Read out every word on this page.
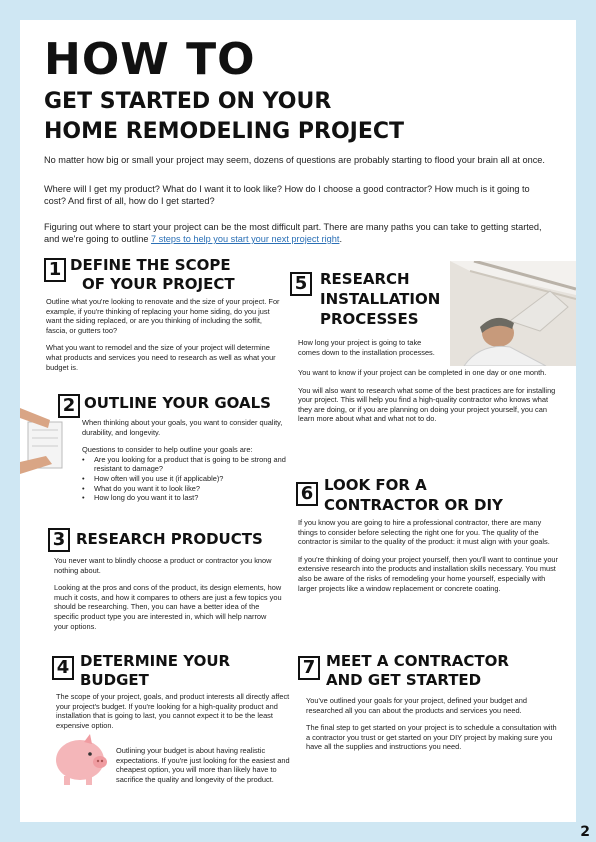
HOW TO
GET STARTED ON YOUR
HOME REMODELING PROJECT
No matter how big or small your project may seem, dozens of questions are probably starting to flood your brain all at once.
Where will I get my product? What do I want it to look like? How do I choose a good contractor? How much is it going to cost? And first of all, how do I get started?
Figuring out where to start your project can be the most difficult part. There are many paths you can take to getting started, and we're going to outline 7 steps to help you start your next project right.
1 DEFINE THE SCOPE
OF YOUR PROJECT

Outline what you're looking to renovate and the size of your project. For example, if you're thinking of replacing your home siding, do you just want the siding replaced, or are you thinking of including the soffit, fascia, or gutters too?

What you want to remodel and the size of your project will determine what products and services you need to research as well as what your budget is.

2 OUTLINE YOUR GOALS

When thinking about your goals, you want to consider quality, durability, and longevity.

Questions to consider to help outline your goals are:

• Are you looking for a product that is going to be strong and resistant to damage?
• How often will you use it (if applicable)?
• What do you want it to look like?
• How long do you want it to last?
3 RESEARCH PRODUCTS

You never want to blindly choose a product or contractor you know nothing about.

Looking at the pros and cons of the product, its design elements, how much it costs, and how it compares to others are just a few topics you should be researching. Then, you can have a better idea of the specific product type you are interested in, which will help narrow your options.

4 DETERMINE YOUR
BUDGET
The scope of your project, goals, and product interests all directly affect your project's budget. If you're looking for a high-quality product and installation that is going to last, you cannot expect it to be the least expensive option.
Outlining your budget is about having realistic expectations. If you're just looking for the easiest and cheapest option, you will more than likely have to sacrifice the quality and longevity of the product.
5 RESEARCH
INSTALLATION
PROCESSES
How long your project is going to take comes down to the installation processes.

You want to know if your project can be completed in one day or one month.

You will also want to research what some of the best practices are for installing your project. This will help you find a high-quality contractor who knows what they are doing, or if you are planning on doing your project yourself, you can learn more about what and what not to do.

6 LOOK FOR A
CONTRACTOR OR DIY

If you know you are going to hire a professional contractor, there are many things to consider before selecting the right one for you. The quality of the contractor is similar to the quality of the product: it must align with your goals.

If you're thinking of doing your project yourself, then you'll want to continue your extensive research into the products and installation skills necessary. You must also be aware of the risks of remodeling your home yourself, especially with larger projects like a window replacement or concrete coating.

7 MEET A CONTRACTOR
AND GET STARTED

You've outlined your goals for your project, defined your budget and researched all you can about the products and services you need.

The final step to get started on your project is to schedule a consultation with a contractor you trust or get started on your DIY project by making sure you have all the supplies and instructions you need.

2
